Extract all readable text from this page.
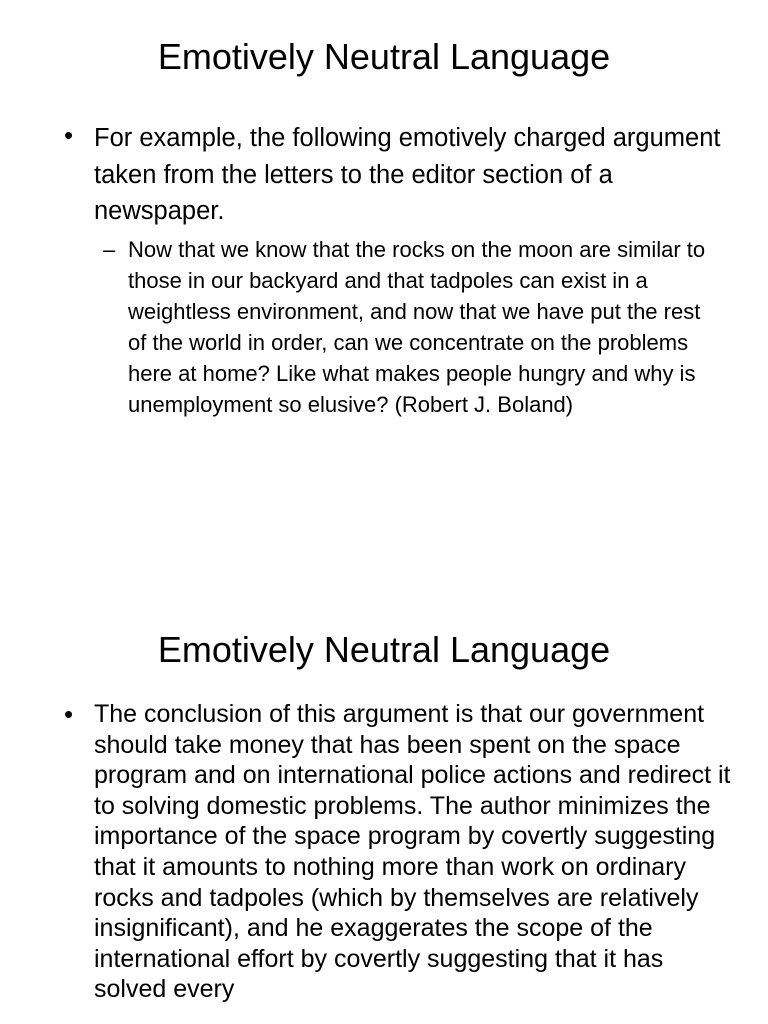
Emotively Neutral Language
• For example, the following emotively charged argument taken from the letters to the editor section of a newspaper.

– Now that we know that the rocks on the moon are similar to those in our backyard and that tadpoles can exist in a weightless environment, and now that we have put the rest of the world in order, can we concentrate on the problems here at home? Like what makes people hungry and why is unemployment so elusive? (Robert J. Boland)

Emotively Neutral Language
• The conclusion of this argument is that our government should take money that has been spent on the space program and on international police actions and redirect it to solving domestic problems. The author minimizes the importance of the space program by covertly suggesting that it amounts to nothing more than work on ordinary rocks and tadpoles (which by themselves are relatively insignificant), and he exaggerates the scope of the international effort by covertly suggesting that it has solved every
